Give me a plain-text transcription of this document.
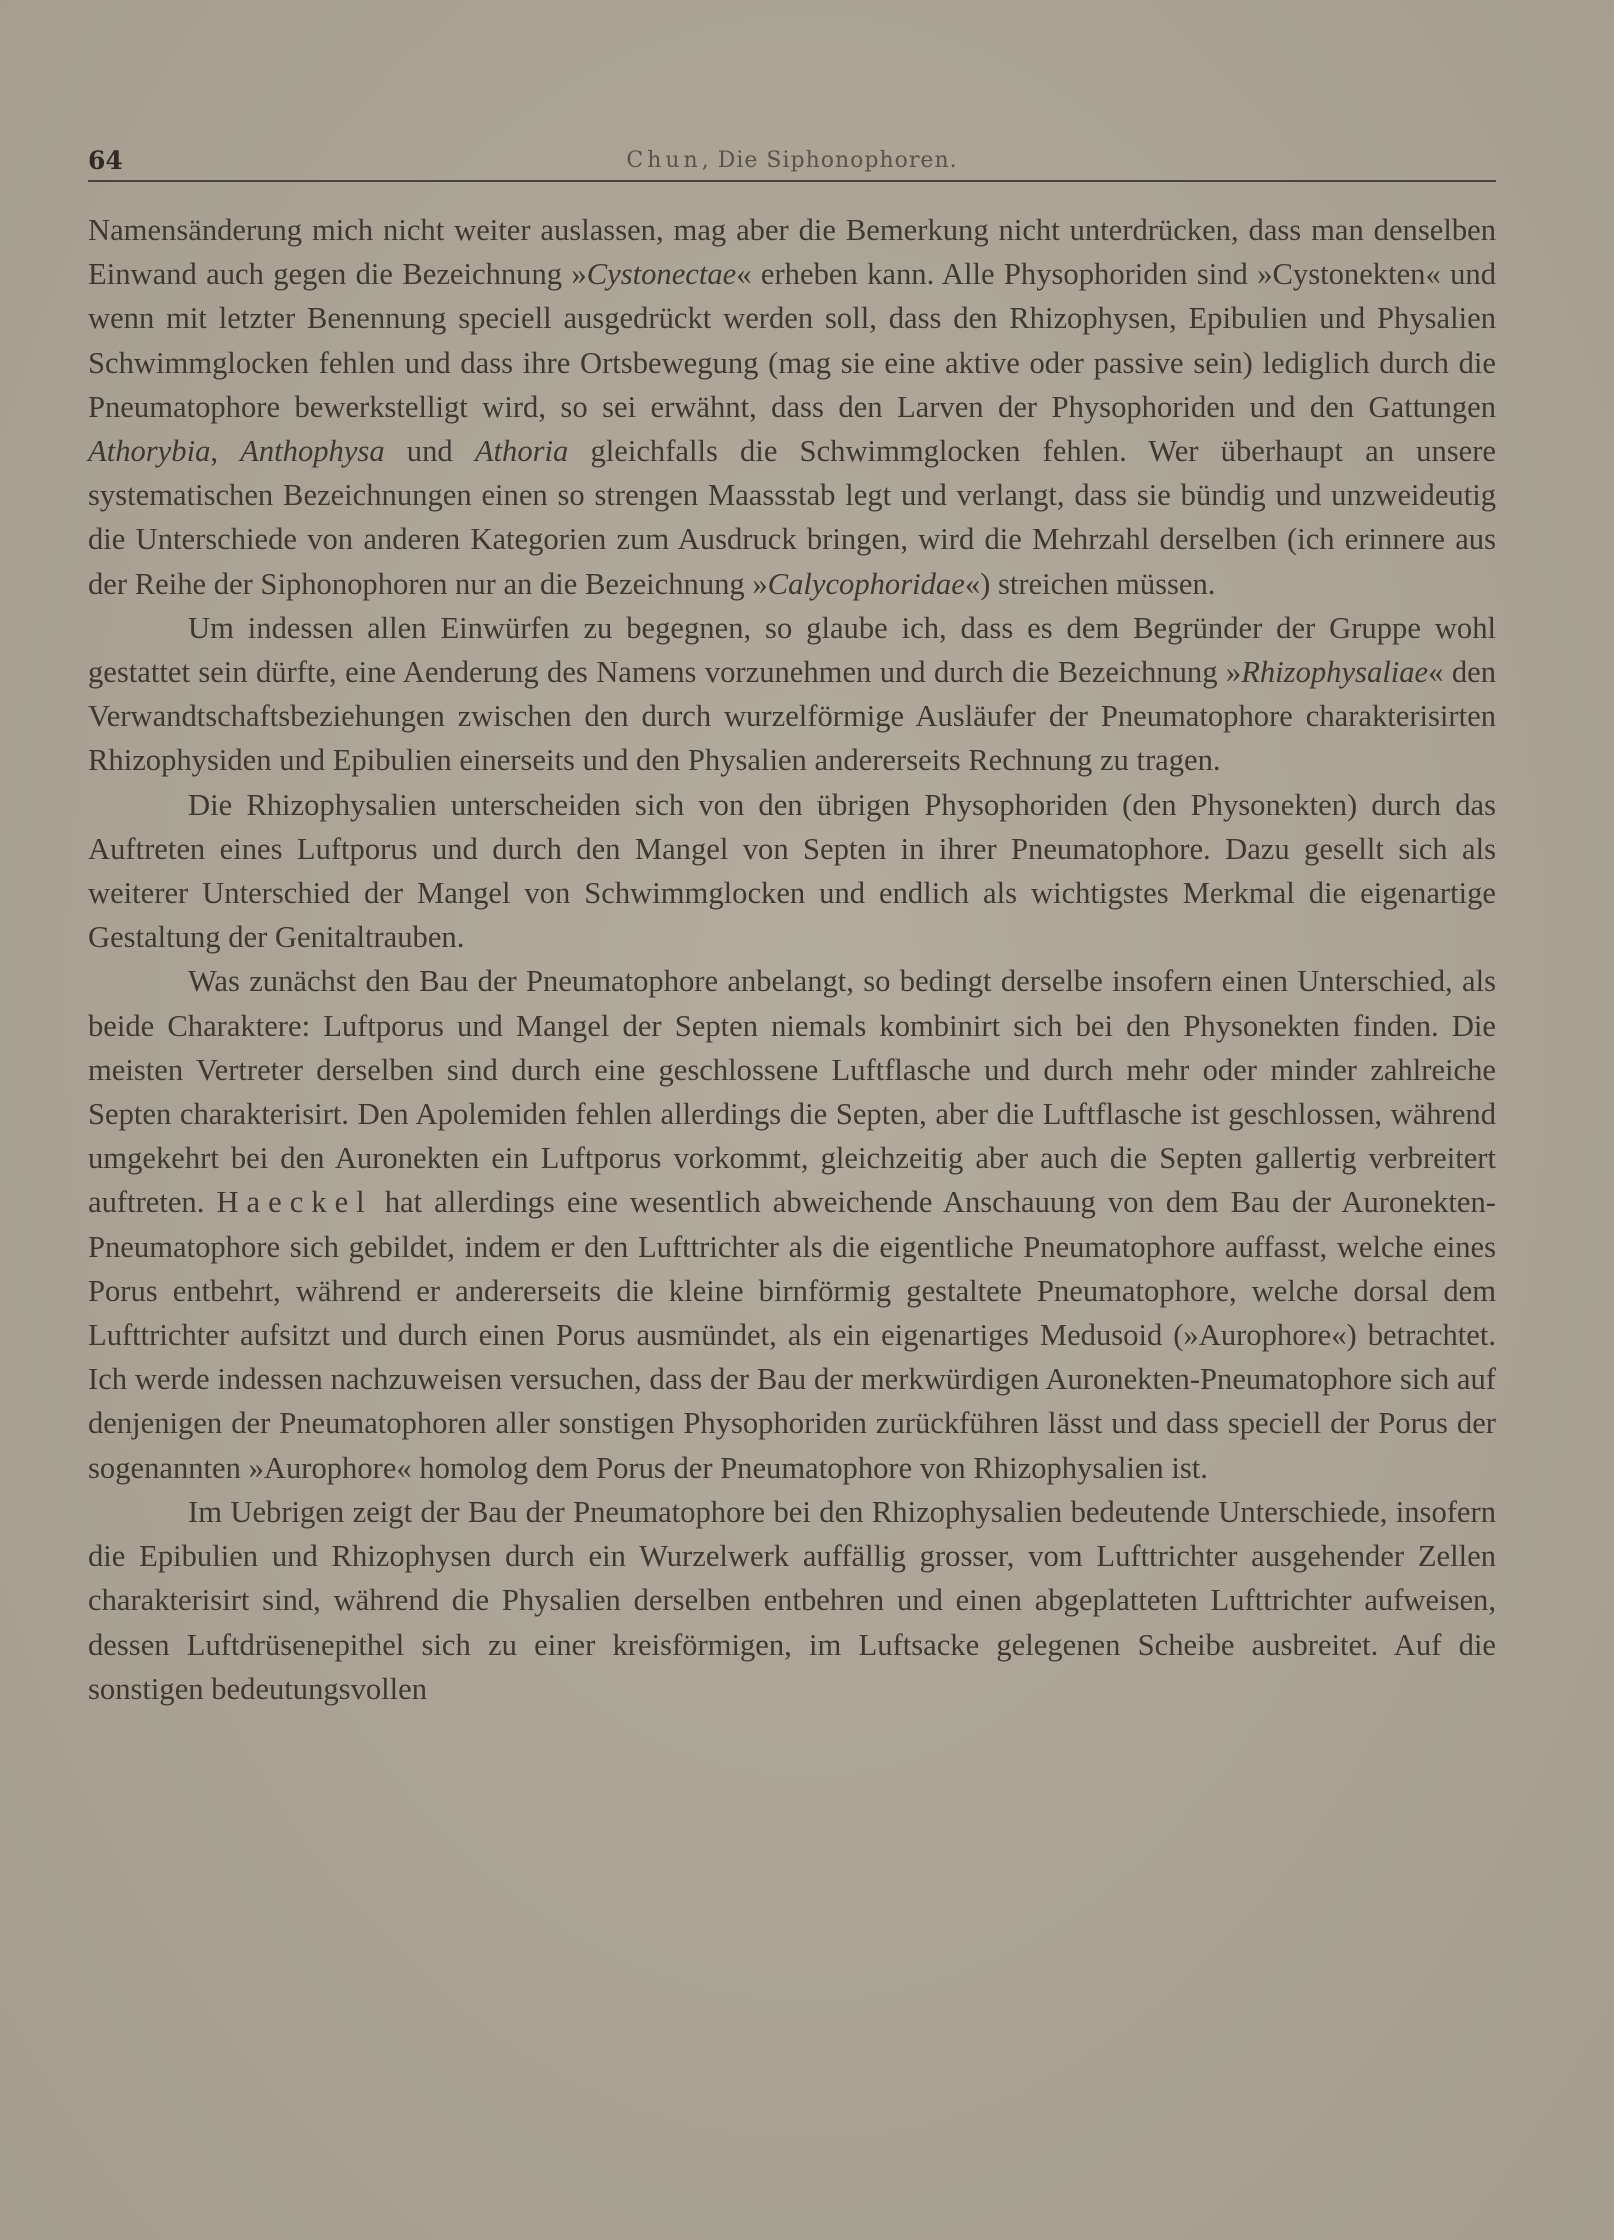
64	Chun, Die Siphonophoren.

Namensänderung mich nicht weiter auslassen, mag aber die Bemerkung nicht unterdrücken, dass man denselben Einwand auch gegen die Bezeichnung »Cystonectae« erheben kann. Alle Physophoriden sind »Cystonekten« und wenn mit letzter Benennung speciell ausgedrückt werden soll, dass den Rhizophysen, Epibulien und Physalien Schwimmglocken fehlen und dass ihre Ortsbewegung (mag sie eine aktive oder passive sein) lediglich durch die Pneumatophore bewerkstelligt wird, so sei erwähnt, dass den Larven der Physophoriden und den Gattungen Athorybia, Anthophysa und Athoria gleichfalls die Schwimmglocken fehlen. Wer überhaupt an unsere systematischen Bezeichnungen einen so strengen Maassstab legt und verlangt, dass sie bündig und unzweideutig die Unterschiede von anderen Kategorien zum Ausdruck bringen, wird die Mehrzahl derselben (ich erinnere aus der Reihe der Siphonophoren nur an die Bezeichnung »Calycophoridae«) streichen müssen.

Um indessen allen Einwürfen zu begegnen, so glaube ich, dass es dem Begründer der Gruppe wohl gestattet sein dürfte, eine Aenderung des Namens vorzunehmen und durch die Bezeichnung »Rhizophysaliae« den Verwandtschaftsbeziehungen zwischen den durch wurzelförmige Ausläufer der Pneumatophore charakterisirten Rhizophysiden und Epibulien einerseits und den Physalien andererseits Rechnung zu tragen.

Die Rhizophysalien unterscheiden sich von den übrigen Physophoriden (den Physonekten) durch das Auftreten eines Luftporus und durch den Mangel von Septen in ihrer Pneumatophore. Dazu gesellt sich als weiterer Unterschied der Mangel von Schwimmglocken und endlich als wichtigstes Merkmal die eigenartige Gestaltung der Genitaltrauben.

Was zunächst den Bau der Pneumatophore anbelangt, so bedingt derselbe insofern einen Unterschied, als beide Charaktere: Luftporus und Mangel der Septen niemals kombinirt sich bei den Physonekten finden. Die meisten Vertreter derselben sind durch eine geschlossene Luftflasche und durch mehr oder minder zahlreiche Septen charakterisirt. Den Apolemiden fehlen allerdings die Septen, aber die Luftflasche ist geschlossen, während umgekehrt bei den Auronekten ein Luftporus vorkommt, gleichzeitig aber auch die Septen gallertig verbreitert auftreten. Haeckel hat allerdings eine wesentlich abweichende Anschauung von dem Bau der Auronekten-Pneumatophore sich gebildet, indem er den Lufttrichter als die eigentliche Pneumatophore auffasst, welche eines Porus entbehrt, während er andererseits die kleine birnförmig gestaltete Pneumatophore, welche dorsal dem Lufttrichter aufsitzt und durch einen Porus ausmündet, als ein eigenartiges Medusoid (»Aurophore«) betrachtet. Ich werde indessen nachzuweisen versuchen, dass der Bau der merkwürdigen Auronekten-Pneumatophore sich auf denjenigen der Pneumatophoren aller sonstigen Physophoriden zurückführen lässt und dass speciell der Porus der sogenannten »Aurophore« homolog dem Porus der Pneumatophore von Rhizophysalien ist.

Im Uebrigen zeigt der Bau der Pneumatophore bei den Rhizophysalien bedeutende Unterschiede, insofern die Epibulien und Rhizophysen durch ein Wurzelwerk auffällig grosser, vom Lufttrichter ausgehender Zellen charakterisirt sind, während die Physalien derselben entbehren und einen abgeplatteten Lufttrichter aufweisen, dessen Luftdrüsenepithel sich zu einer kreisförmigen, im Luftsacke gelegenen Scheibe ausbreitet. Auf die sonstigen bedeutungsvollen
